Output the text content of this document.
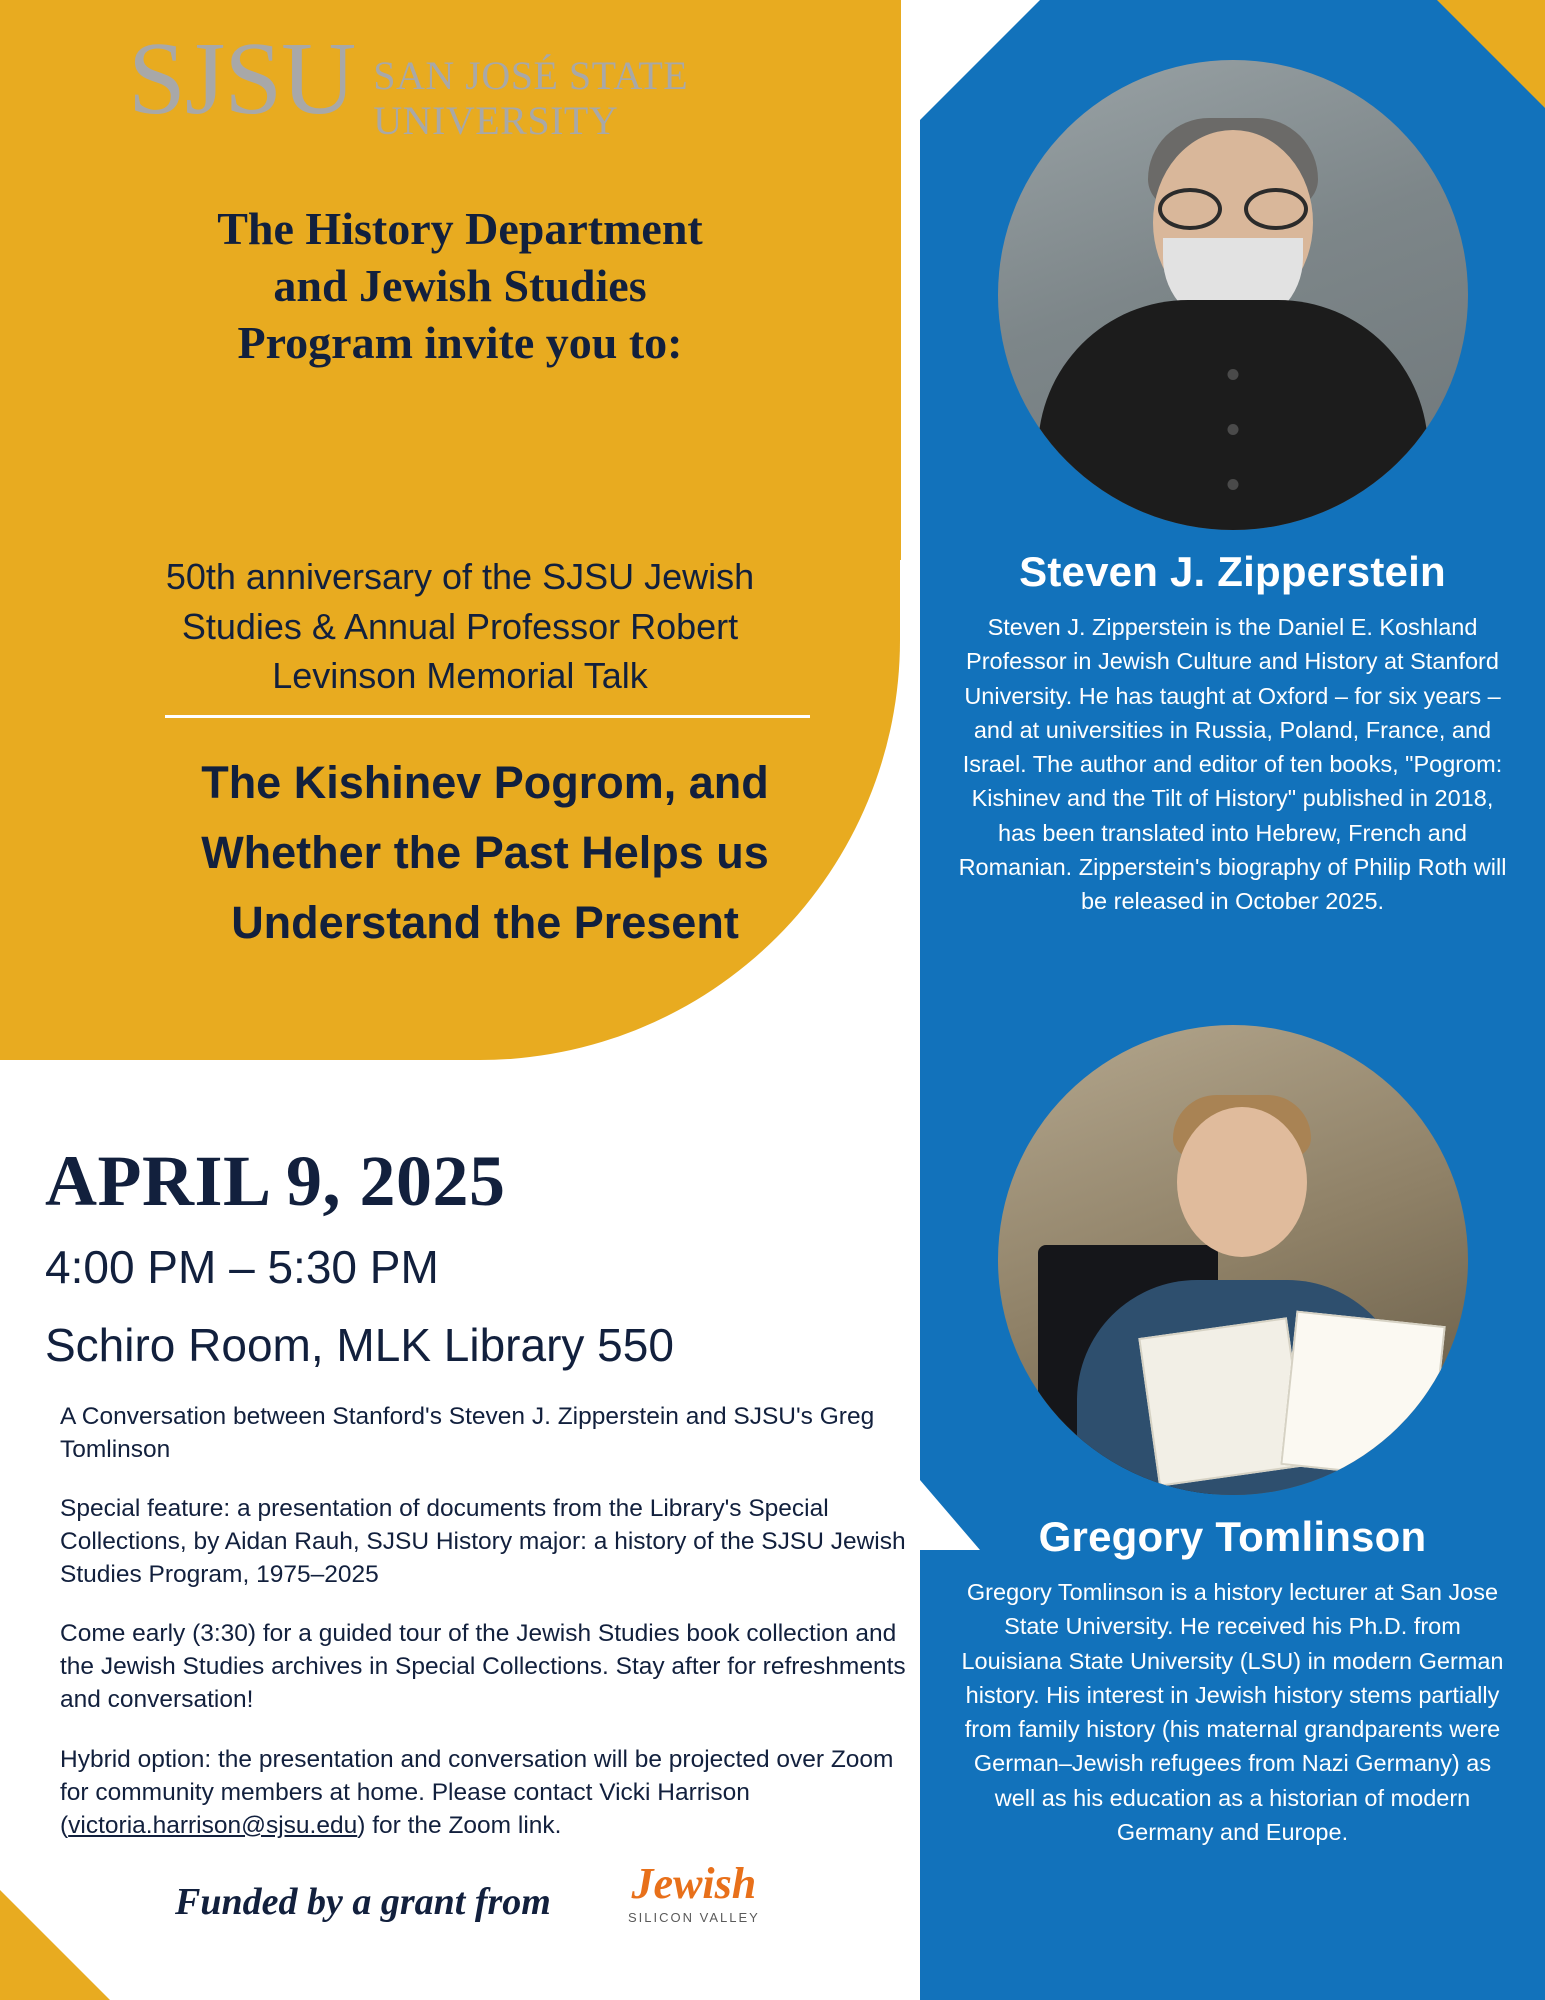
SJSU SAN JOSÉ STATE
UNIVERSITY
The History Department and Jewish Studies Program invite you to:
50th anniversary of the SJSU Jewish Studies & Annual Professor Robert Levinson Memorial Talk
The Kishinev Pogrom, and Whether the Past Helps us Understand the Present
APRIL 9, 2025
4:00 PM – 5:30 PM
Schiro Room, MLK Library 550

A Conversation between Stanford's Steven J. Zipperstein and SJSU's Greg Tomlinson

Special feature: a presentation of documents from the Library's Special Collections, by Aidan Rauh, SJSU History major: a history of the SJSU Jewish Studies Program, 1975–2025

Come early (3:30) for a guided tour of the Jewish Studies book collection and the Jewish Studies archives in Special Collections. Stay after for refreshments and conversation!

Hybrid option: the presentation and conversation will be projected over Zoom for community members at home. Please contact Vicki Harrison (victoria.harrison@sjsu.edu) for the Zoom link.

Funded by a grant from Jewish
SILICON VALLEY
Steven J. Zipperstein
Steven J. Zipperstein is the Daniel E. Koshland Professor in Jewish Culture and History at Stanford University. He has taught at Oxford – for six years – and at universities in Russia, Poland, France, and Israel. The author and editor of ten books, "Pogrom: Kishinev and the Tilt of History" published in 2018, has been translated into Hebrew, French and Romanian. Zipperstein's biography of Philip Roth will be released in October 2025.
Gregory Tomlinson
Gregory Tomlinson is a history lecturer at San Jose State University. He received his Ph.D. from Louisiana State University (LSU) in modern German history. His interest in Jewish history stems partially from family history (his maternal grandparents were German–Jewish refugees from Nazi Germany) as well as his education as a historian of modern Germany and Europe.
